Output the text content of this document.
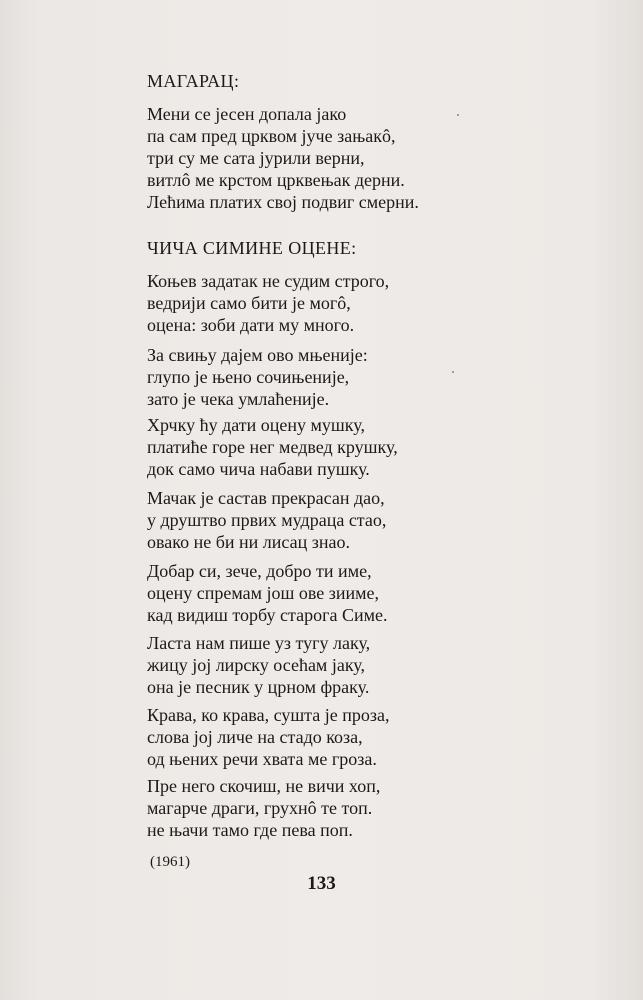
МАГАРАЦ:
Мени се јесен допала јако
па сам пред црквом јуче зањакô,
три су ме сата јурили верни,
витлô ме крстом црквењак дерни.
Лећима платих свој подвиг смерни.
ЧИЧА СИМИНЕ ОЦЕНЕ:
Коњев задатак не судим строго,
ведрији само бити је могô,
оцена: зоби дати му много.
За свињу дајем ово мњеније:
глупо је њено сочињеније,
зато је чека умлаћеније.
Хрчку ћу дати оцену мушку,
платиће горе нег медвед крушку,
док само чича набави пушку.
Мачак је састав прекрасан дао,
у друштво првих мудраца стао,
овако не би ни лисац знао.
Добар си, зече, добро ти име,
оцену спремам још ове зииме,
кад видиш торбу старога Симе.
Ласта нам пише уз тугу лаку,
жицу јој лирску осећам јаку,
она је песник у црном фраку.
Крава, ко крава, сушта је проза,
слова јој личе на стадо коза,
од њених речи хвата ме гроза.
Пре него скочиш, не вичи хоп,
магарче драги, грухнô те топ.
не њачи тамо где пева поп.
(1961)
133
